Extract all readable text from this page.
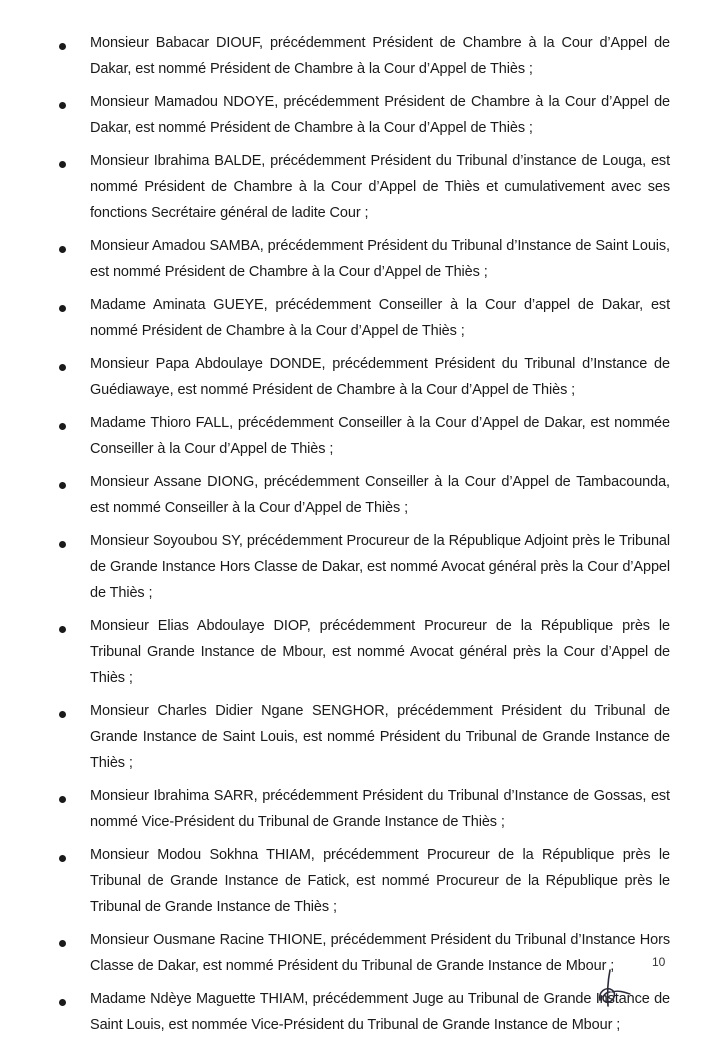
Monsieur Babacar DIOUF, précédemment Président de Chambre à la Cour d’Appel de Dakar, est nommé Président de Chambre à la Cour d’Appel de Thiès ;
Monsieur Mamadou NDOYE, précédemment Président de Chambre à la Cour d’Appel de Dakar, est nommé Président de Chambre à la Cour d’Appel de Thiès ;
Monsieur Ibrahima BALDE, précédemment Président du Tribunal d’instance de Louga, est nommé Président de Chambre à la Cour d’Appel de Thiès et cumulativement avec ses fonctions Secrétaire général de ladite Cour ;
Monsieur Amadou SAMBA, précédemment Président du Tribunal d’Instance de Saint Louis, est nommé Président de Chambre à la Cour d’Appel de Thiès ;
Madame Aminata GUEYE, précédemment Conseiller à la Cour d’appel de Dakar, est nommé Président de Chambre à la Cour d’Appel de Thiès ;
Monsieur Papa Abdoulaye DONDE, précédemment Président du Tribunal d’Instance de Guédiawaye, est nommé Président de Chambre à la Cour d’Appel de Thiès ;
Madame Thioro FALL, précédemment Conseiller à la Cour d’Appel de Dakar, est nommée Conseiller à la Cour d’Appel de Thiès ;
Monsieur Assane DIONG, précédemment Conseiller à la Cour d’Appel de Tambacounda, est nommé Conseiller à la Cour d’Appel de Thiès ;
Monsieur Soyoubou SY, précédemment Procureur de la République Adjoint près le Tribunal de Grande Instance Hors Classe de Dakar, est nommé Avocat général près la Cour d’Appel de Thiès ;
Monsieur Elias Abdoulaye DIOP, précédemment Procureur de la République près le Tribunal Grande Instance de Mbour, est nommé Avocat général près la Cour d’Appel de Thiès ;
Monsieur Charles Didier Ngane SENGHOR, précédemment Président du Tribunal de Grande Instance de Saint Louis, est nommé Président du Tribunal de Grande Instance de Thiès ;
Monsieur Ibrahima SARR, précédemment Président du Tribunal d’Instance de Gossas, est nommé Vice-Président du Tribunal de Grande Instance de Thiès ;
Monsieur Modou Sokhna THIAM, précédemment Procureur de la République près le Tribunal de Grande Instance de Fatick, est nommé Procureur de la République près le Tribunal de Grande Instance de Thiès ;
Monsieur Ousmane Racine THIONE, précédemment Président du Tribunal d’Instance Hors Classe de Dakar, est nommé Président du Tribunal de Grande Instance de Mbour ;
Madame Ndèye Maguette THIAM, précédemment Juge au Tribunal de Grande Instance de Saint Louis, est nommée Vice-Président du Tribunal de Grande Instance de Mbour ;
10
